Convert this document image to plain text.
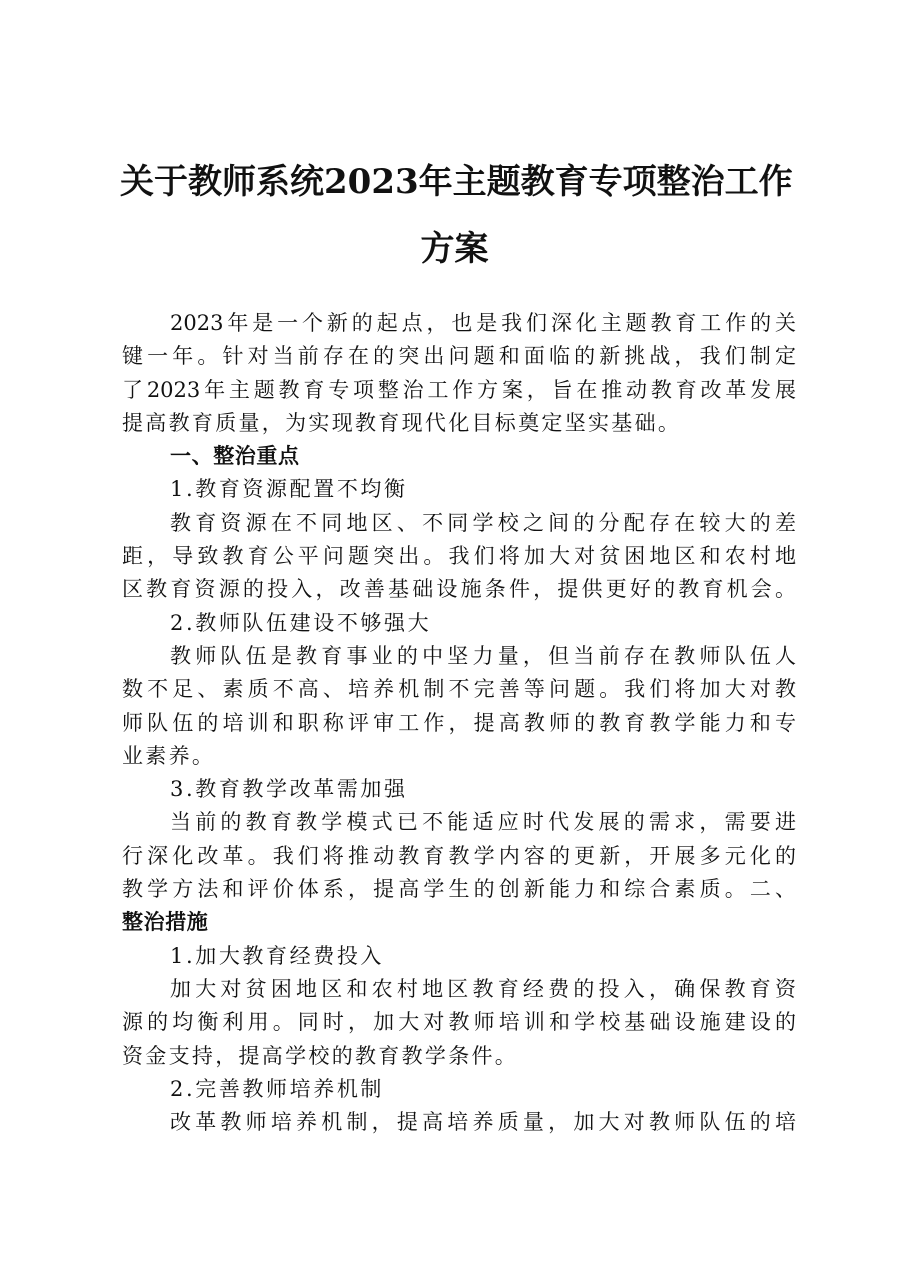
关于教师系统2023年主题教育专项整治工作
方案
2023年是一个新的起点，也是我们深化主题教育工作的关
键一年。针对当前存在的突出问题和面临的新挑战，我们制定
了2023年主题教育专项整治工作方案，旨在推动教育改革发展
提高教育质量，为实现教育现代化目标奠定坚实基础。
一、整治重点
1.教育资源配置不均衡
教育资源在不同地区、不同学校之间的分配存在较大的差
距，导致教育公平问题突出。我们将加大对贫困地区和农村地
区教育资源的投入，改善基础设施条件，提供更好的教育机会。
2.教师队伍建设不够强大
教师队伍是教育事业的中坚力量，但当前存在教师队伍人
数不足、素质不高、培养机制不完善等问题。我们将加大对教
师队伍的培训和职称评审工作，提高教师的教育教学能力和专
业素养。
3.教育教学改革需加强
当前的教育教学模式已不能适应时代发展的需求，需要进
行深化改革。我们将推动教育教学内容的更新，开展多元化的
教学方法和评价体系，提高学生的创新能力和综合素质。二、
整治措施
1.加大教育经费投入
加大对贫困地区和农村地区教育经费的投入，确保教育资
源的均衡利用。同时，加大对教师培训和学校基础设施建设的
资金支持，提高学校的教育教学条件。
2.完善教师培养机制
改革教师培养机制，提高培养质量，加大对教师队伍的培
